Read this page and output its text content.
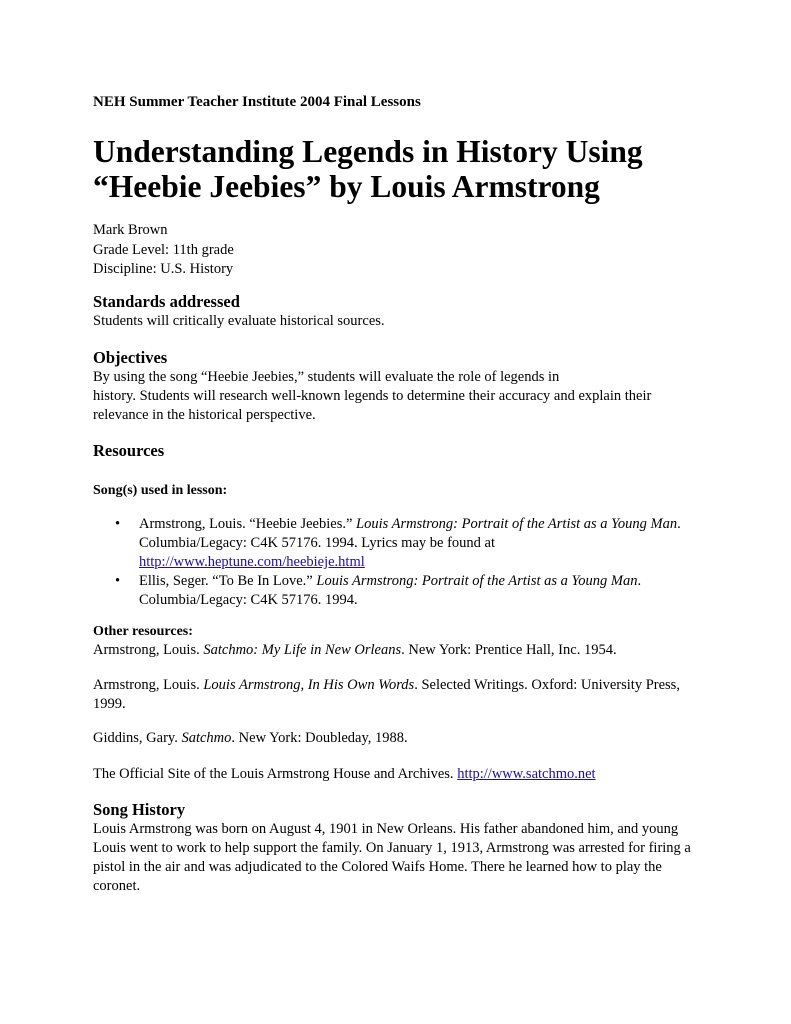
NEH Summer Teacher Institute 2004 Final Lessons
Understanding Legends in History Using
“Heebie Jeebies” by Louis Armstrong
Mark Brown
Grade Level: 11th grade
Discipline: U.S. History
Standards addressed
Students will critically evaluate historical sources.
Objectives
By using the song “Heebie Jeebies,” students will evaluate the role of legends in
history. Students will research well-known legends to determine their accuracy and explain their relevance in the historical perspective.
Resources
Song(s) used in lesson:
• Armstrong, Louis. “Heebie Jeebies.” Louis Armstrong: Portrait of the Artist as a Young Man. Columbia/Legacy: C4K 57176. 1994. Lyrics may be found at http://www.heptune.com/heebieje.html
• Ellis, Seger. “To Be In Love.” Louis Armstrong: Portrait of the Artist as a Young Man. Columbia/Legacy: C4K 57176. 1994.
Other resources:
Armstrong, Louis. Satchmo: My Life in New Orleans. New York: Prentice Hall, Inc. 1954.
Armstrong, Louis. Louis Armstrong, In His Own Words. Selected Writings. Oxford: University Press, 1999.
Giddins, Gary. Satchmo. New York: Doubleday, 1988.
The Official Site of the Louis Armstrong House and Archives. http://www.satchmo.net
Song History
Louis Armstrong was born on August 4, 1901 in New Orleans. His father abandoned him, and young Louis went to work to help support the family. On January 1, 1913, Armstrong was arrested for firing a pistol in the air and was adjudicated to the Colored Waifs Home. There he learned how to play the coronet.
